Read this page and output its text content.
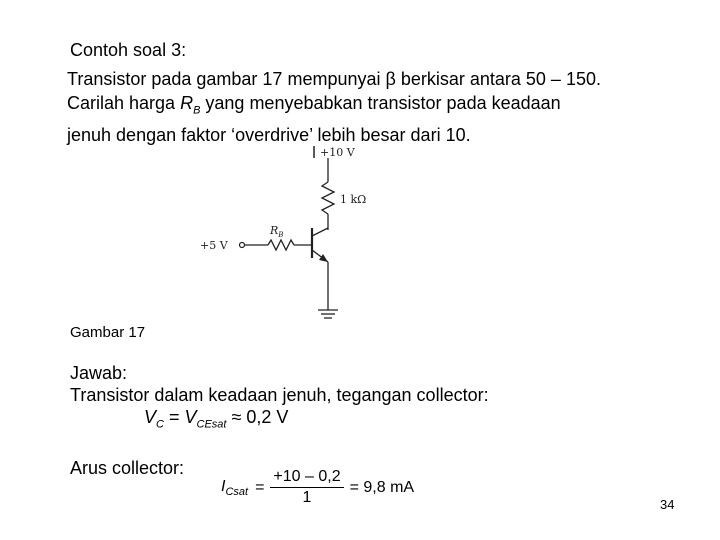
Contoh soal 3:
Transistor pada gambar 17 mempunyai β berkisar antara 50 – 150.
Carilah harga $R_B$ yang menyebabkan transistor pada keadaan
jenuh dengan faktor ‘overdrive’ lebih besar dari 10.
+10 V
1 kΩ
$R_B$
+5 V
Gambar 17
Jawab:
Transistor dalam keadaan jenuh, tegangan collector:
$V_C = V_{CEsat} \approx 0,2$ V
Arus collector:
$I_{Csat}$	=	+10 – 0,2	= 9,8 mA
1	34
